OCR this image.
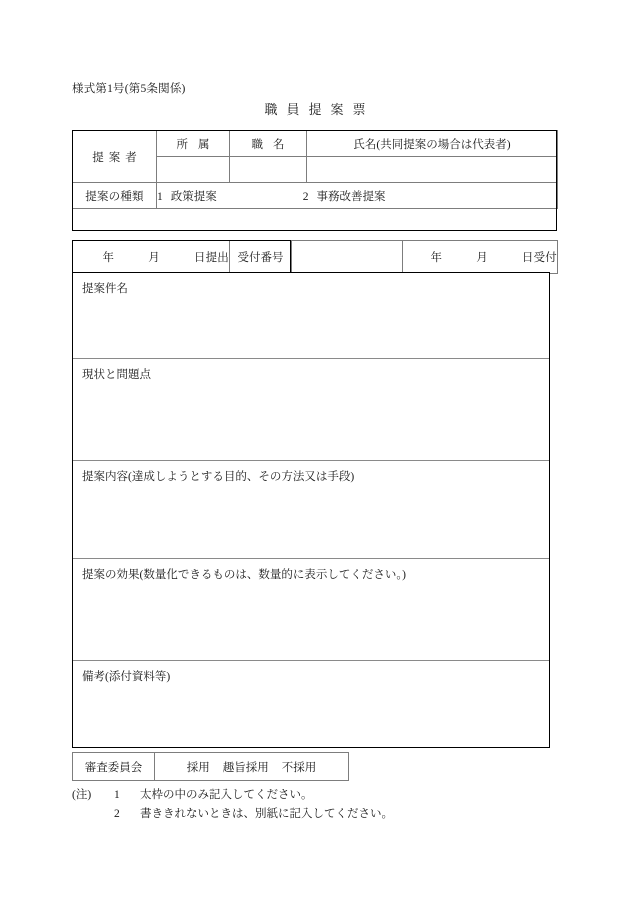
様式第1号(第5条関係)
職員提案票
提案者	所属	職名	氏名(共同提案の場合は代表者)

提案の種類	1 政策提案 2 事務改善提案		
年	月	日提出	受付番号		年	月	日受付
提案件名
現状と問題点
提案内容(達成しようとする目的、その方法又は手段)
提案の効果(数量化できるものは、数量的に表示してください。)
備考(添付資料等)
審査委員会	採用 趣旨採用 不採用
(注) 1 太枠の中のみ記入してください。
2 書ききれないときは、別紙に記入してください。
